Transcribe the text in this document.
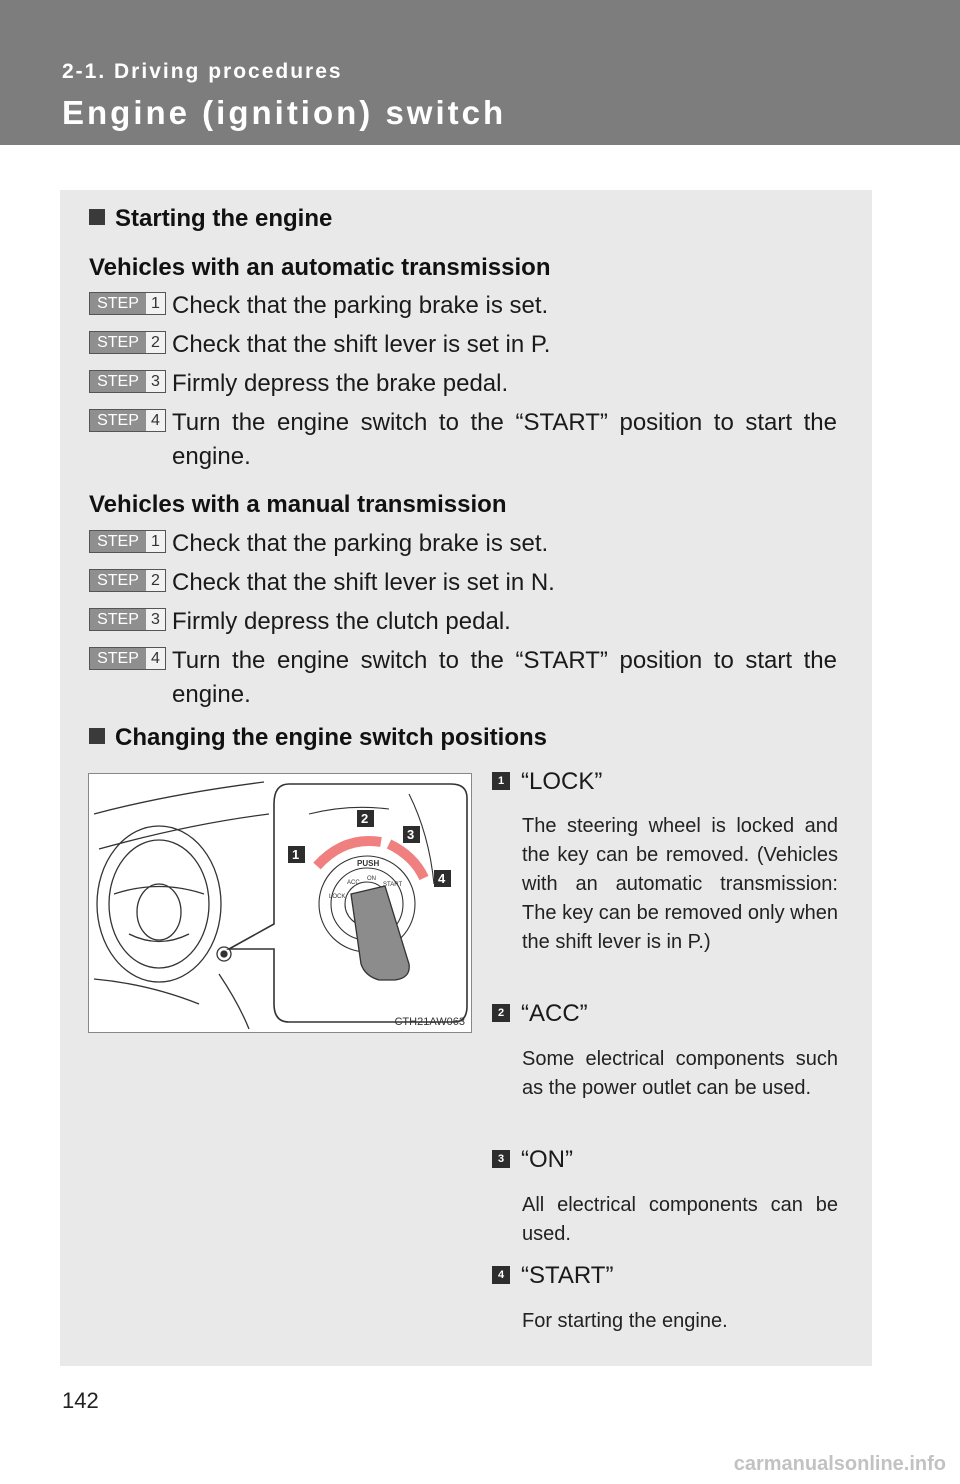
2-1. Driving procedures
Engine (ignition) switch
Starting the engine
Vehicles with an automatic transmission
STEP 1 Check that the parking brake is set.
STEP 2 Check that the shift lever is set in P.
STEP 3 Firmly depress the brake pedal.
STEP 4 Turn the engine switch to the “START” position to start the engine.
Vehicles with a manual transmission
STEP 1 Check that the parking brake is set.
STEP 2 Check that the shift lever is set in N.
STEP 3 Firmly depress the clutch pedal.
STEP 4 Turn the engine switch to the “START” position to start the engine.
Changing the engine switch positions
PUSH
LOCK
ACC
ON
START
1
2
3
4
CTH21AW063
1 “LOCK”
The steering wheel is locked and the key can be removed. (Vehicles with an automatic transmission: The key can be removed only when the shift lever is in P.)
2 “ACC”
Some electrical components such as the power outlet can be used.
3 “ON”
All electrical components can be used.
4 “START”
For starting the engine.
142
carmanualsonline.info
